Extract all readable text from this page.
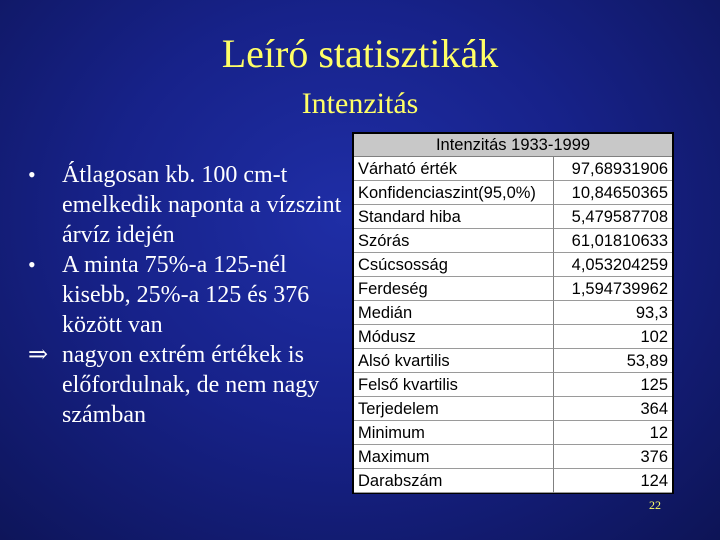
Leíró statisztikák
Intenzitás
• Átlagosan kb. 100 cm-t emelkedik naponta a vízszint árvíz idején
• A minta 75%-a 125-nél kisebb, 25%-a 125 és 376 között van
⇒ nagyon extrém értékek is előfordulnak, de nem nagy számban
Intenzitás 1933-1999
Várható érték	97,68931906
Konfidenciaszint(95,0%)	10,84650365
Standard hiba	5,479587708
Szórás	61,01810633
Csúcsosság	4,053204259
Ferdeség	1,594739962
Medián	93,3
Módusz	102
Alsó kvartilis	53,89
Felső kvartilis	125
Terjedelem	364
Minimum	12
Maximum	376
Darabszám	124
22
